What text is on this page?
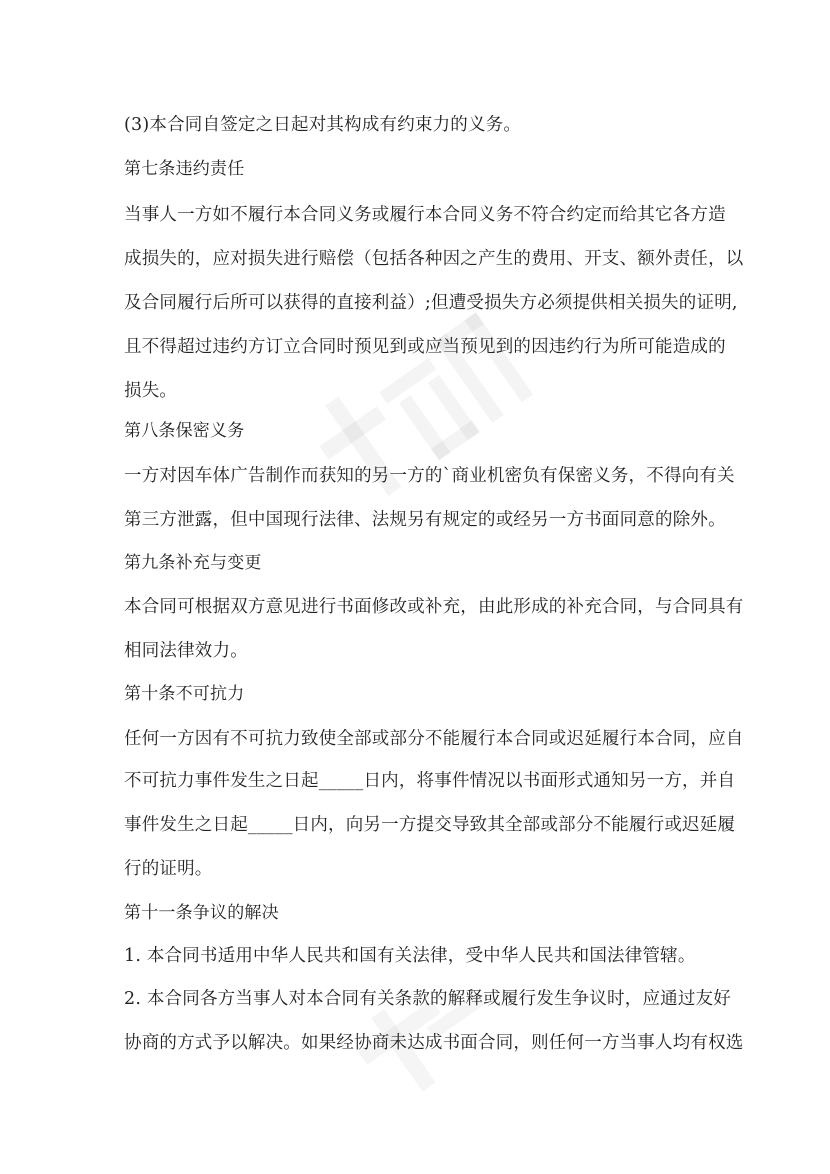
(3)本合同自签定之日起对其构成有约束力的义务。
第七条违约责任
当事人一方如不履行本合同义务或履行本合同义务不符合约定而给其它各方造
成损失的，应对损失进行赔偿（包括各种因之产生的费用、开支、额外责任，以
及合同履行后所可以获得的直接利益）;但遭受损失方必须提供相关损失的证明,
且不得超过违约方订立合同时预见到或应当预见到的因违约行为所可能造成的
损失。
第八条保密义务
一方对因车体广告制作而获知的另一方的`商业机密负有保密义务，不得向有关
第三方泄露，但中国现行法律、法规另有规定的或经另一方书面同意的除外。
第九条补充与变更
本合同可根据双方意见进行书面修改或补充，由此形成的补充合同，与合同具有
相同法律效力。
第十条不可抗力
任何一方因有不可抗力致使全部或部分不能履行本合同或迟延履行本合同，应自
不可抗力事件发生之日起_____日内，将事件情况以书面形式通知另一方，并自
事件发生之日起_____日内，向另一方提交导致其全部或部分不能履行或迟延履
行的证明。
第十一条争议的解决
1. 本合同书适用中华人民共和国有关法律，受中华人民共和国法律管辖。
2. 本合同各方当事人对本合同有关条款的解释或履行发生争议时，应通过友好
协商的方式予以解决。如果经协商未达成书面合同，则任何一方当事人均有权选
